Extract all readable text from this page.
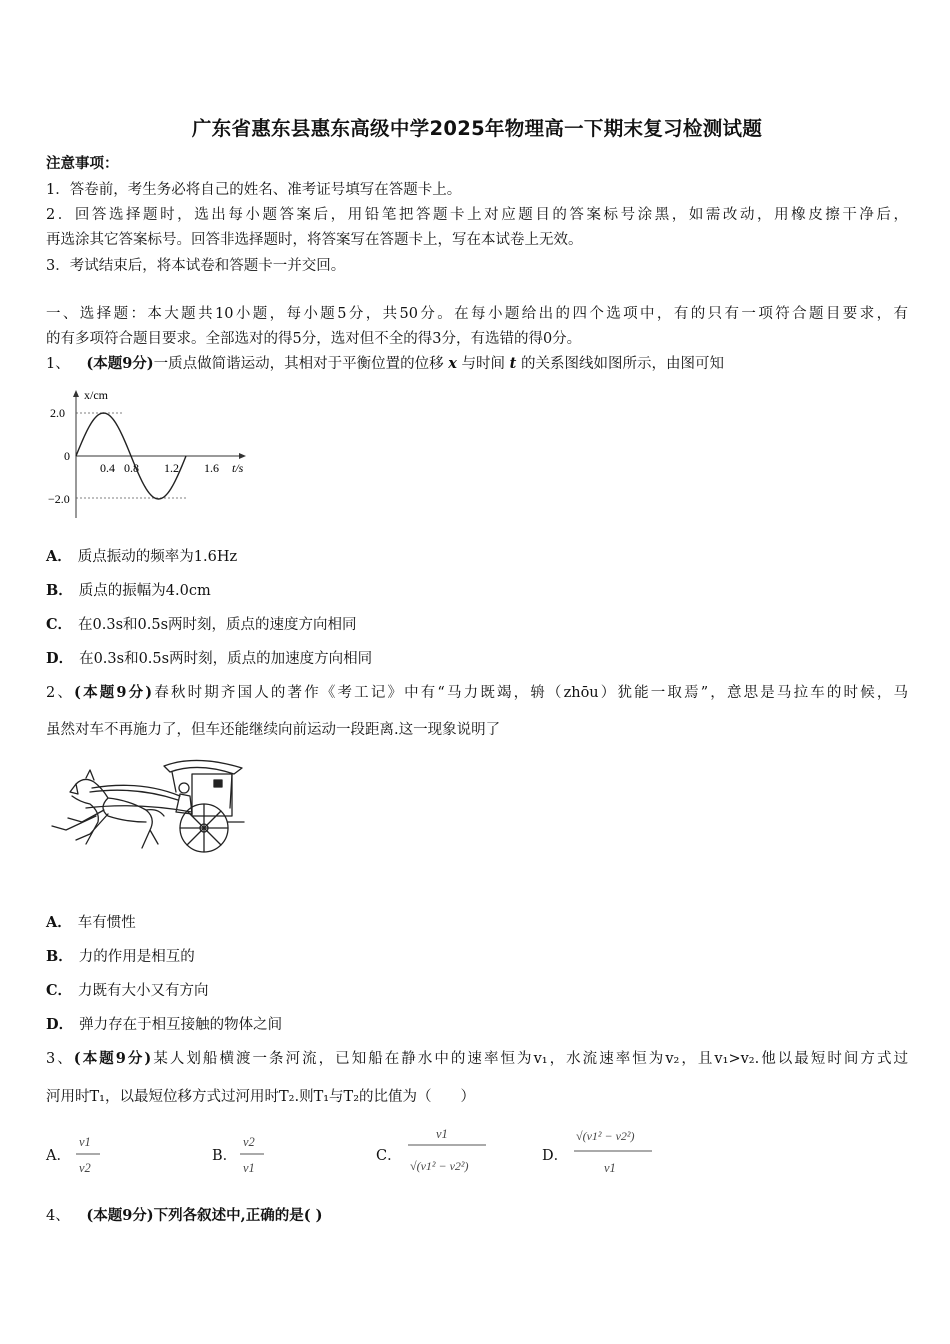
广东省惠东县惠东高级中学2025年物理高一下期末复习检测试题
注意事项：
1．答卷前，考生务必将自己的姓名、准考证号填写在答题卡上。
2．回答选择题时，选出每小题答案后，用铅笔把答题卡上对应题目的答案标号涂黑，如需改动，用橡皮擦干净后，
再选涂其它答案标号。回答非选择题时，将答案写在答题卡上，写在本试卷上无效。
3．考试结束后，将本试卷和答题卡一并交回。
一、选择题：本大题共10小题，每小题5分，共50分。在每小题给出的四个选项中，有的只有一项符合题目要求，有
的有多项符合题目要求。全部选对的得5分，选对但不全的得3分，有选错的得0分。
1、 (本题9分)一质点做简谐运动，其相对于平衡位置的位移 x 与时间 t 的关系图线如图所示，由图可知
x/cm
t/s
2.0
0
−2.0
0.4 0.8 1.2 1.6
A． 质点振动的频率为1.6Hz
B． 质点的振幅为4.0cm
C． 在0.3s和0.5s两时刻，质点的速度方向相同
D． 在0.3s和0.5s两时刻，质点的加速度方向相同
2、(本题9分)春秋时期齐国人的著作《考工记》中有“马力既竭，辀（zhōu）犹能一取焉”，意思是马拉车的时候，马
虽然对车不再施力了，但车还能继续向前运动一段距离.这一现象说明了
A． 车有惯性
B． 力的作用是相互的
C． 力既有大小又有方向
D． 弹力存在于相互接触的物体之间
3、(本题9分)某人划船横渡一条河流，已知船在静水中的速率恒为v₁，水流速率恒为v₂，且v₁>v₂.他以最短时间方式过
河用时T₁，以最短位移方式过河用时T₂.则T₁与T₂的比值为（　　）
A．
v1
v2
B．
v2
v1
C．
v1
√(v1² − v2²)
D．
√(v1² − v2²)
v1
4、 (本题9分)下列各叙述中,正确的是( )
